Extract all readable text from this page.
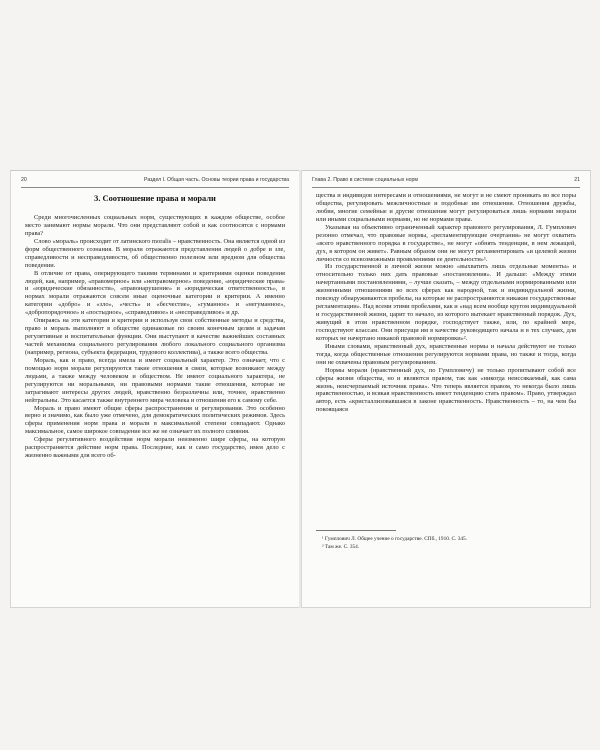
20	Раздел I. Общая часть. Основы теории права и государства
3. Соотношение права и морали

Среди многочисленных социальных норм, существующих в каждом обществе, особое место занимают нормы морали. Что они представляют собой и как соотносятся с нормами права?

Слово «мораль» происходит от латинского moralis – нравственность. Она является одной из форм общественного сознания. В морали отражаются представления людей о добре и зле, справедливости и несправедливости, об общественно полезном или вредном для общества поведении.

В отличие от права, оперирующего такими терминами и критериями оценки поведения людей, как, например, «правомерное» или «неправомерное» поведение, «юридические права» и «юридические обязанности», «правонарушение» и «юридическая ответственность», в нормах морали отражаются совсем иные оценочные категории и критерии. А именно категории «добро» и «зло», «честь» и «бесчестие», «гуманное» и «негуманное», «добропорядочное» и «постыдное», «справедливое» и «несправедливое» и др.

Опираясь на эти категории и критерии и используя свои собственные методы и средства, право и мораль выполняют в обществе одинаковые по своим конечным целям и задачам регулятивные и воспитательные функции. Они выступают в качестве важнейших составных частей механизма социального регулирования любого локального социального организма (например, региона, субъекта федерации, трудового коллектива), а также всего общества.

Мораль, как и право, всегда имела и имеет социальный характер. Это означает, что с помощью норм морали регулируются такие отношения в связи, которые возникают между людьми, а также между человеком и обществом. Не имеют социального характера, не регулируются ни моральными, ни правовыми нормами такие отношения, которые не затрагивают интересы других людей, нравственно безразличны или, точнее, нравственно нейтральны. Это касается также внутреннего мира человека и отношения его к самому себе.

Мораль и право имеют общие сферы распространения и регулирования. Это особенно верно и значимо, как было уже отмечено, для демократических политических режимов. Здесь сферы применения норм права и морали в максимальной степени совпадают. Однако максимальное, самое широкое совпадение все же не означает их полного слияния.

Сферы регулятивного воздействия норм морали неизменно шире сферы, на которую распространяется действие норм права. Последние, как и само государство, имея дело с жизненно важными для всего об-

Глава 2. Право в системе социальных норм	21

щества и индивидов интересами и отношениями, не могут и не смеют проникать во все поры общества, регулировать межличностные и подобные им отношения. Отношения дружбы, любви, многие семейные и другие отношения могут регулироваться лишь нормами морали или иными социальными нормами, но не нормами права.

Указывая на объективно ограниченный характер правового регулирования, Л. Гумплович резонно отмечал, что правовые нормы, «регламентирующие очертания» не могут охватить «всего нравственного порядка в государстве», не могут «обнять тенденции, в нем лежащей, дух, в котором он живет». Равным образом они не могут регламентировать «и целевой жизни личности со всевозможными проявлениями ее деятельности»¹.

Из государственной и личной жизни можно «выхватить лишь отдельные моменты» и относительно только них дать правовые «постановления». И дальше: «Между этими начертанными постановлениями, – лучше сказать, – между отдельными нормированными или жизненными отношениями во всех сферах как народной, так и индивидуальной жизни, повсюду обнаруживаются пробелы, на которые не распространяются никакие государственные регламентации». Над всеми этими пробелами, как и «над всем вообще кругом индивидуальной и государственной жизни, царит то начало, из которого вытекает нравственный порядок. Дух, живущий в этом нравственном порядке, господствует также, или, по крайней мере, господствуют классам. Они присущи им в качестве руководящего начала и в тех случаях, для которых не начертано никакой правовой нормировки»².

Иными словами, нравственный дух, нравственные нормы и начала действуют не только тогда, когда общественные отношения регулируются нормами права, но также и тогда, когда они не охвачены правовым регулированием.

Нормы морали (нравственный дух, по Гумпловичу) не только пропитывают собой все сферы жизни общества, но и являются правом, так как «никогда неиссякаемый, как сама жизнь, неисчерпаемый источник права». Что теперь является правом, то некогда было лишь нравственностью, и всякая нравственность имеет тенденцию стать правом». Право, утверждал автор, есть «кристаллизовавшаяся в законе нравственность. Нравственность – то, на чем бы покоящаяся

¹ Гумплович Л. Общее учение о государстве. СПб., 1910. С. 345.
² Там же. С. 354.
